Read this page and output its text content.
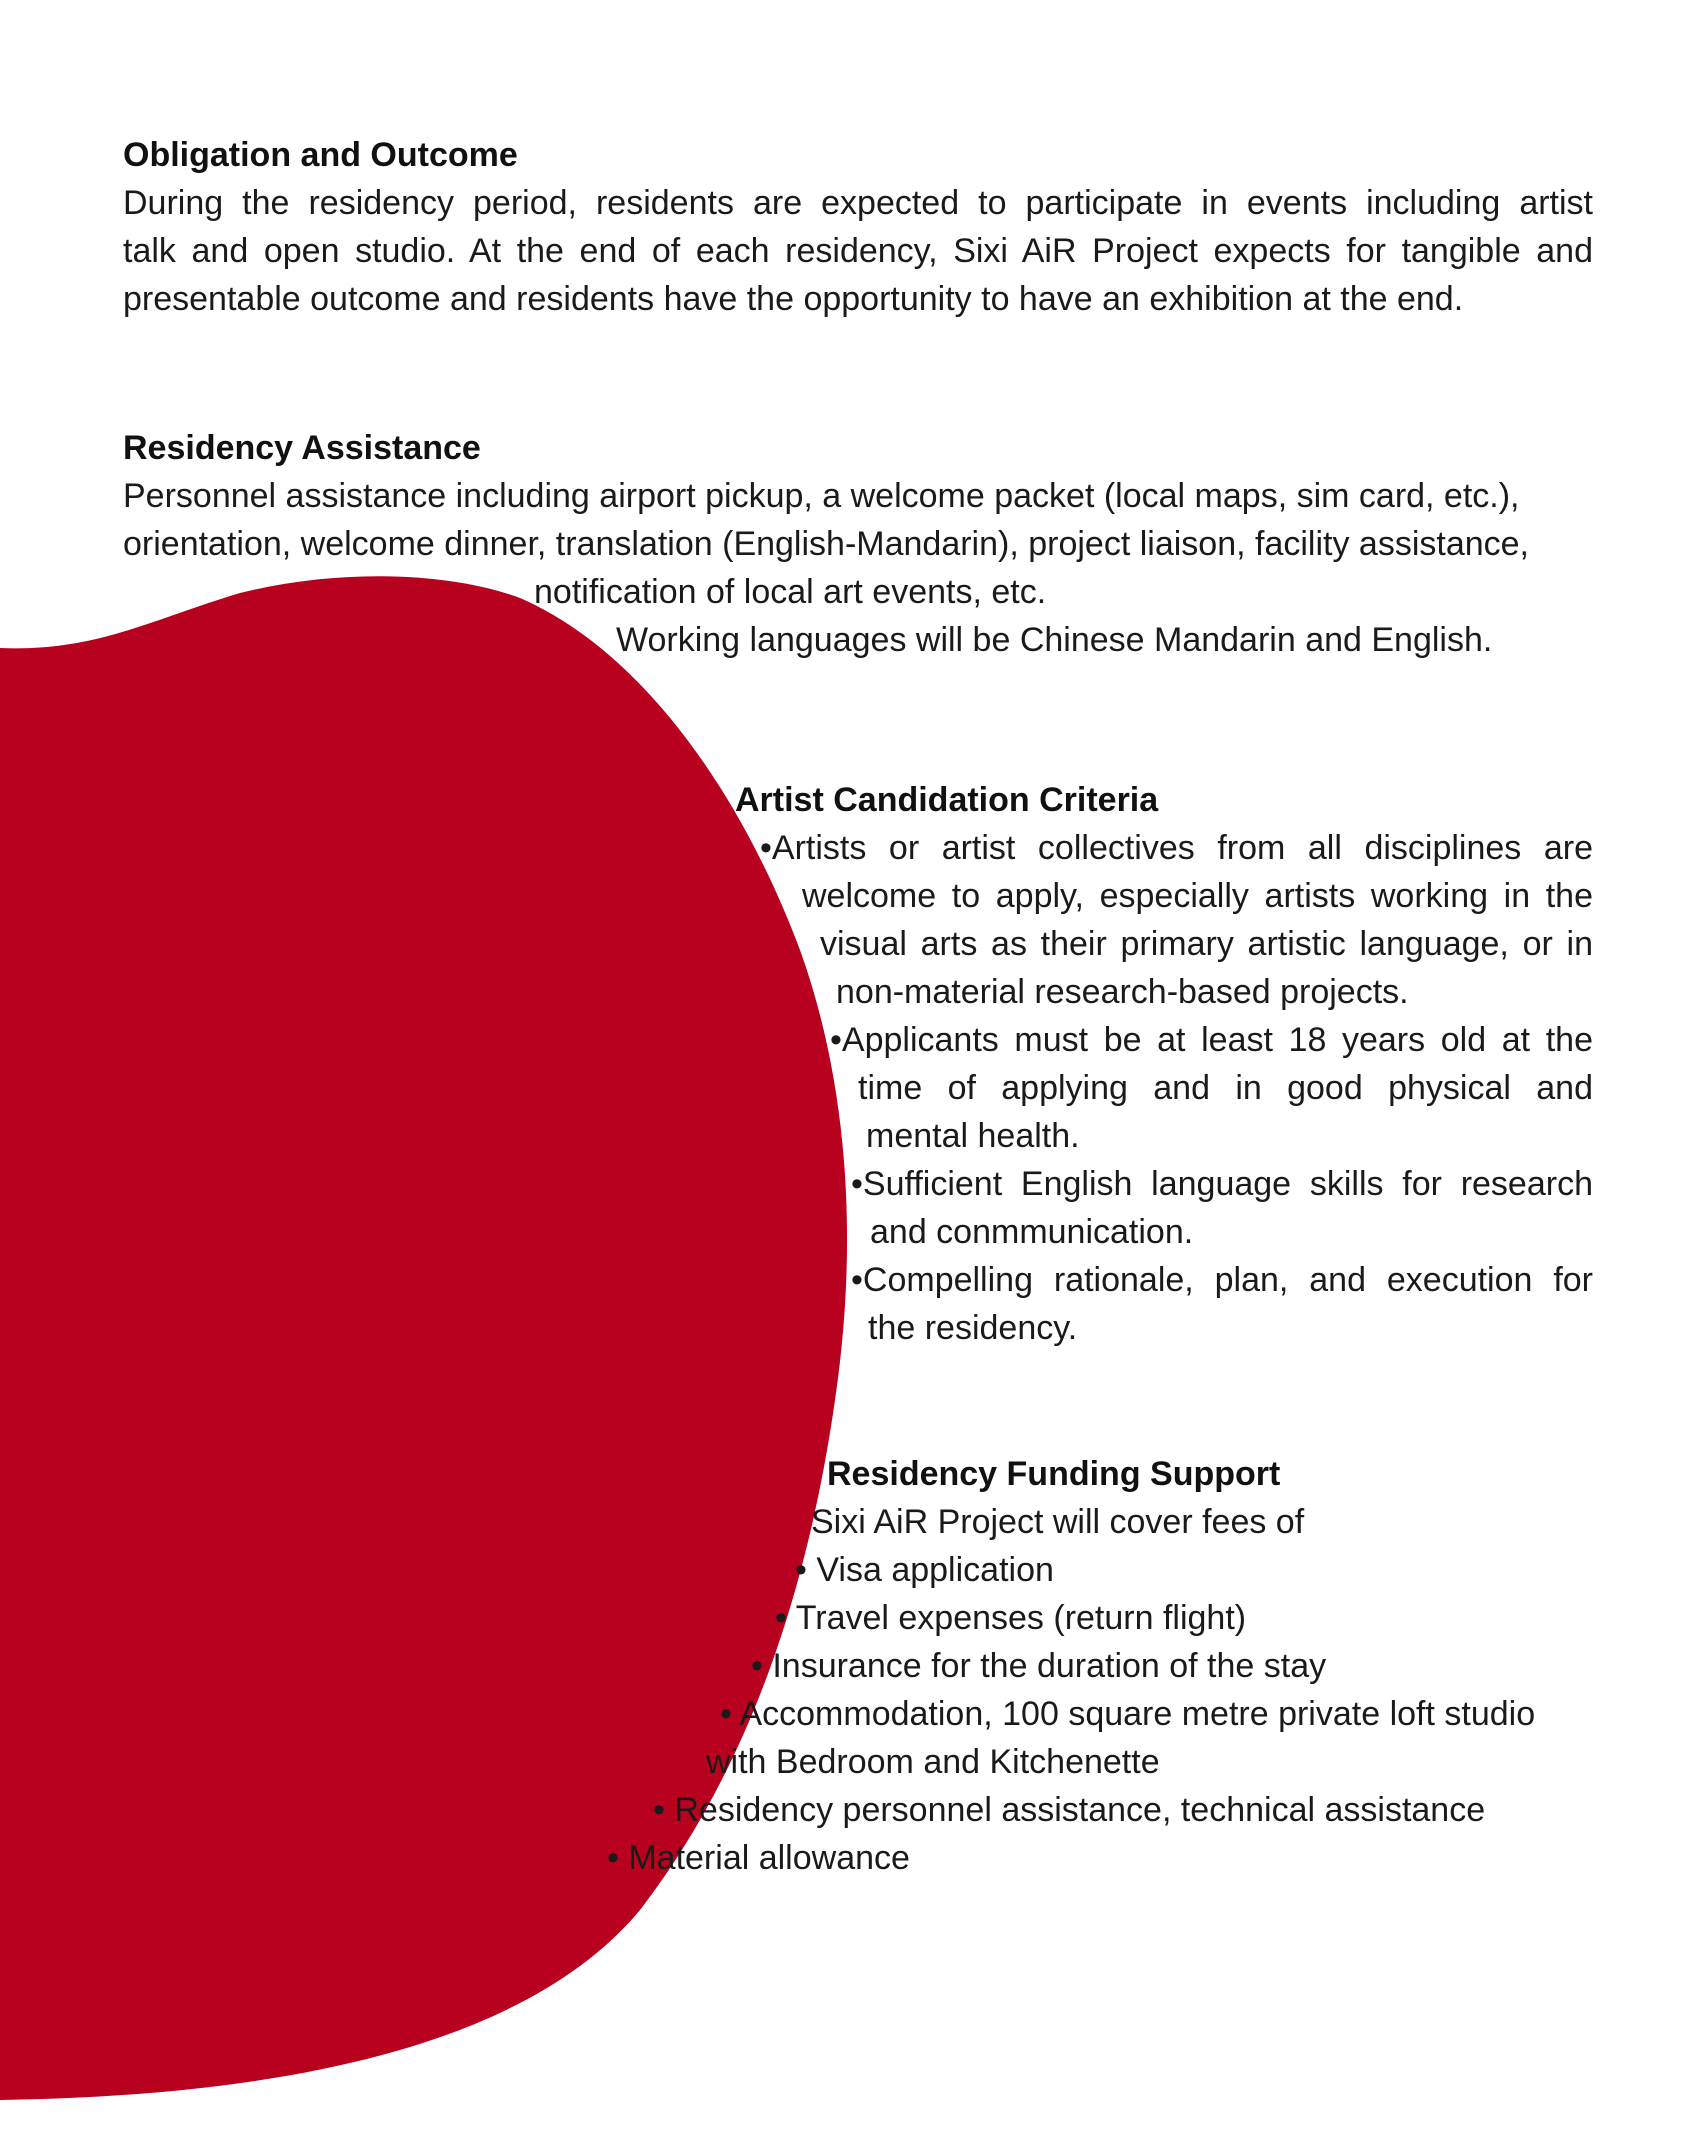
Obligation and Outcome
During the residency period, residents are expected to participate in events including artist
talk and open studio. At the end of each residency, Sixi AiR Project expects for tangible and
presentable outcome and residents have the opportunity to have an exhibition at the end.
Residency Assistance
Personnel assistance including airport pickup, a welcome packet (local maps, sim card, etc.),
orientation, welcome dinner, translation (English-Mandarin), project liaison, facility assistance,
notification of local art events, etc.
Working languages will be Chinese Mandarin and English.
Artist Candidation Criteria
•Artists or artist collectives from all disciplines are
welcome to apply, especially artists working in the
visual arts as their primary artistic language, or in
non-material research-based projects.
•Applicants must be at least 18 years old at the
time of applying and in good physical and
mental health.
•Sufficient English language skills for research
and conmmunication.
•Compelling rationale, plan, and execution for
the residency.
Residency Funding Support
Sixi AiR Project will cover fees of
• Visa application
• Travel expenses (return flight)
• Insurance for the duration of the stay
• Accommodation, 100 square metre private loft studio
with Bedroom and Kitchenette
• Residency personnel assistance, technical assistance
• Material allowance
